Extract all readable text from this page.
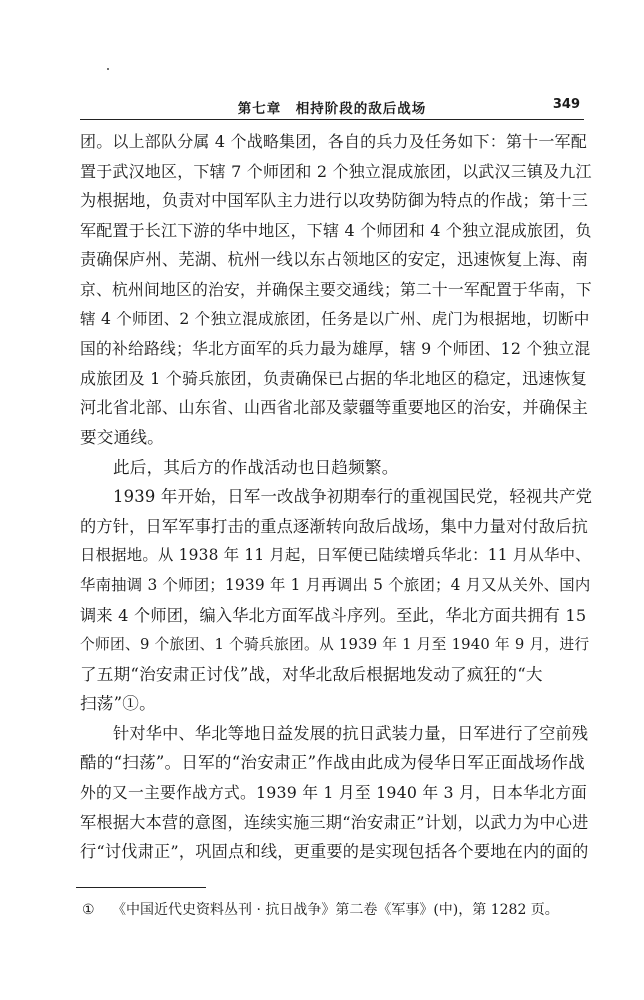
第七章　相持阶段的敌后战场	349
团。以上部队分属 4 个战略集团，各自的兵力及任务如下：第十一军配
置于武汉地区，下辖 7 个师团和 2 个独立混成旅团，以武汉三镇及九江
为根据地，负责对中国军队主力进行以攻势防御为特点的作战；第十三
军配置于长江下游的华中地区，下辖 4 个师团和 4 个独立混成旅团，负
责确保庐州、芜湖、杭州一线以东占领地区的安定，迅速恢复上海、南
京、杭州间地区的治安，并确保主要交通线；第二十一军配置于华南，下
辖 4 个师团、2 个独立混成旅团，任务是以广州、虎门为根据地，切断中
国的补给路线；华北方面军的兵力最为雄厚，辖 9 个师团、12 个独立混
成旅团及 1 个骑兵旅团，负责确保已占据的华北地区的稳定，迅速恢复
河北省北部、山东省、山西省北部及蒙疆等重要地区的治安，并确保主
要交通线。
此后，其后方的作战活动也日趋频繁。
1939 年开始，日军一改战争初期奉行的重视国民党，轻视共产党
的方针，日军军事打击的重点逐渐转向敌后战场，集中力量对付敌后抗
日根据地。从 1938 年 11 月起，日军便已陆续增兵华北：11 月从华中、
华南抽调 3 个师团；1939 年 1 月再调出 5 个旅团；4 月又从关外、国内
调来 4 个师团，编入华北方面军战斗序列。至此，华北方面共拥有 15
个师团、9 个旅团、1 个骑兵旅团。从 1939 年 1 月至 1940 年 9 月，进行
了五期“治安肃正讨伐”战，对华北敌后根据地发动了疯狂的“大
扫荡”①。
针对华中、华北等地日益发展的抗日武装力量，日军进行了空前残
酷的“扫荡”。日军的“治安肃正”作战由此成为侵华日军正面战场作战
外的又一主要作战方式。1939 年 1 月至 1940 年 3 月，日本华北方面
军根据大本营的意图，连续实施三期“治安肃正”计划，以武力为中心进
行“讨伐肃正”，巩固点和线，更重要的是实现包括各个要地在内的面的
① 《中国近代史资料丛刊 · 抗日战争》第二卷《军事》(中)，第 1282 页。
